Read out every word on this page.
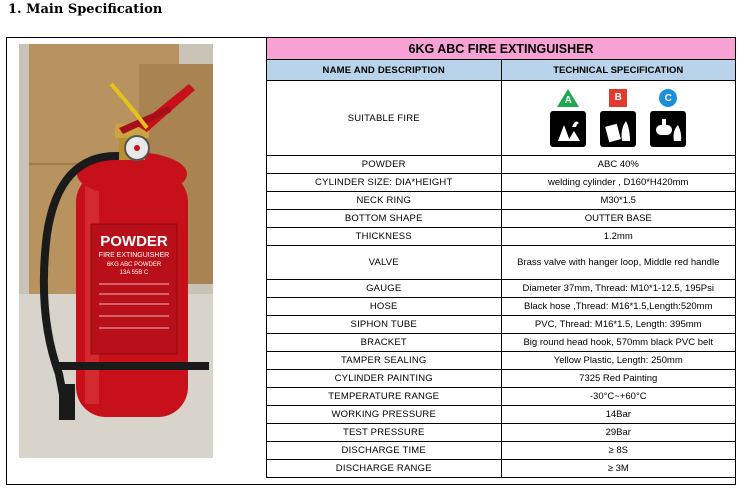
1. Main Specification
POWDER
FIRE EXTINGUISHER
6KG ABC POWDER
13A 55B C
6KG ABC FIRE EXTINGUISHER	
NAME AND DESCRIPTION	TECHNICAL SPECIFICATION
SUITABLE FIRE	A B C

POWDER	ABC 40%
CYLINDER SIZE: DIA*HEIGHT	welding cylinder , D160*H420mm
NECK RING	M30*1.5
BOTTOM SHAPE	OUTTER BASE
THICKNESS	1.2mm
VALVE	Brass valve with hanger loop, Middle red handle
GAUGE	Diameter 37mm, Thread: M10*1-12.5, 195Psi
HOSE	Black hose ,Thread: M16*1.5,Length:520mm
SIPHON TUBE	PVC, Thread: M16*1.5, Length: 395mm
BRACKET	Big round head hook, 570mm black PVC belt
TAMPER SEALING	Yellow Plastic, Length: 250mm
CYLINDER PAINTING	7325 Red Painting
TEMPERATURE RANGE	-30°C~+60°C
WORKING PRESSURE	14Bar
TEST PRESSURE	29Bar
DISCHARGE TIME	≥ 8S
DISCHARGE RANGE	≥ 3M
